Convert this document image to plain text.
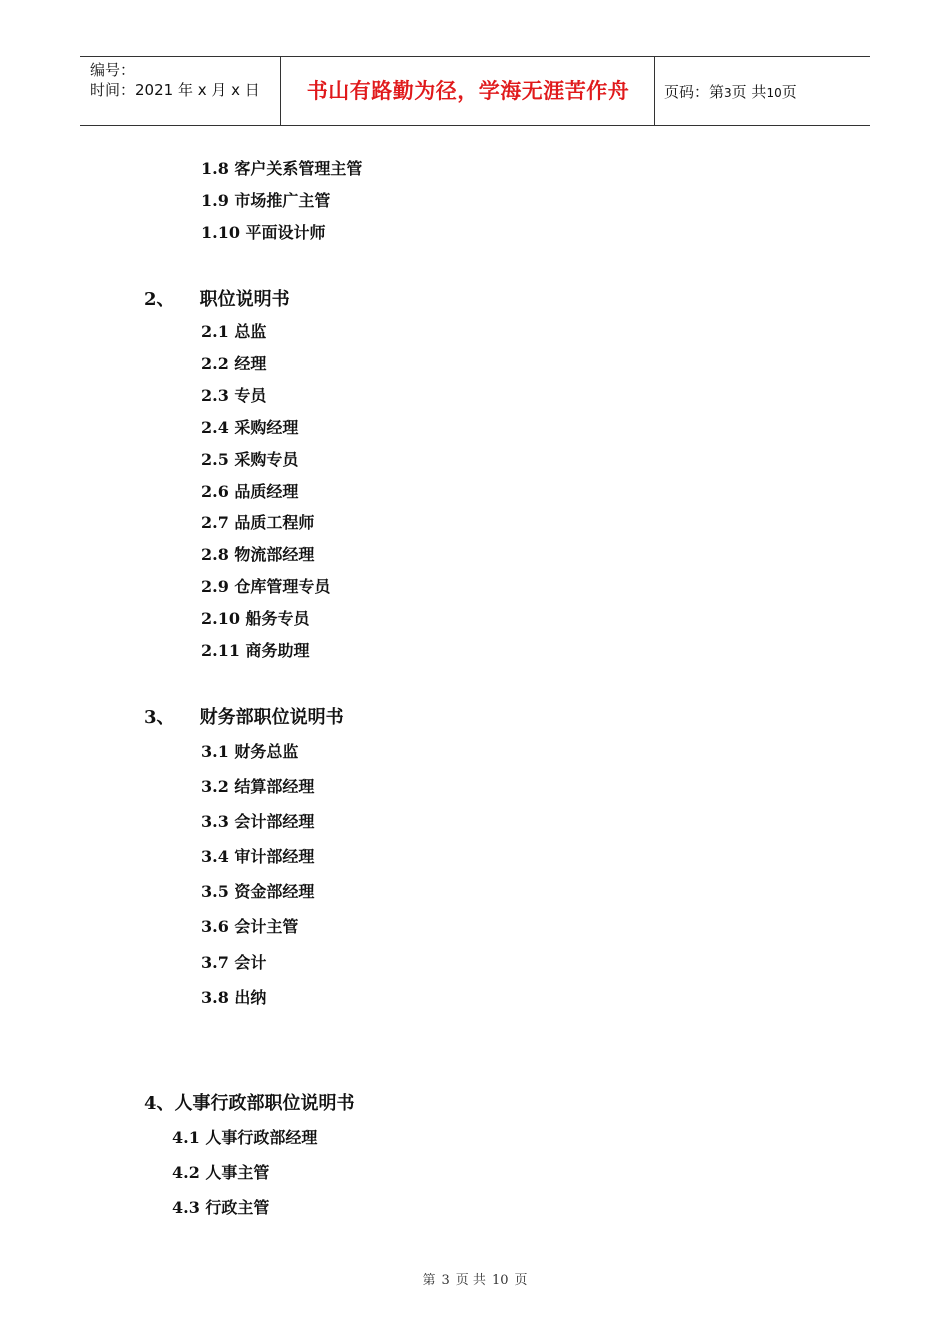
编号：
时间：2021 年 x 月 x 日	书山有路勤为径，学海无涯苦作舟	页码：第3页 共10页
1.8 客户关系管理主管
1.9 市场推广主管
1.10 平面设计师
2、    职位说明书
2.1 总监
2.2 经理
2.3 专员
2.4 采购经理
2.5 采购专员
2.6 品质经理
2.7 品质工程师
2.8 物流部经理
2.9 仓库管理专员
2.10 船务专员
2.11 商务助理
3、    财务部职位说明书
3.1 财务总监
3.2 结算部经理
3.3 会计部经理
3.4 审计部经理
3.5 资金部经理
3.6 会计主管
3.7 会计
3.8 出纳
4、人事行政部职位说明书
4.1 人事行政部经理
4.2 人事主管
4.3 行政主管
第 3 页 共 10 页
